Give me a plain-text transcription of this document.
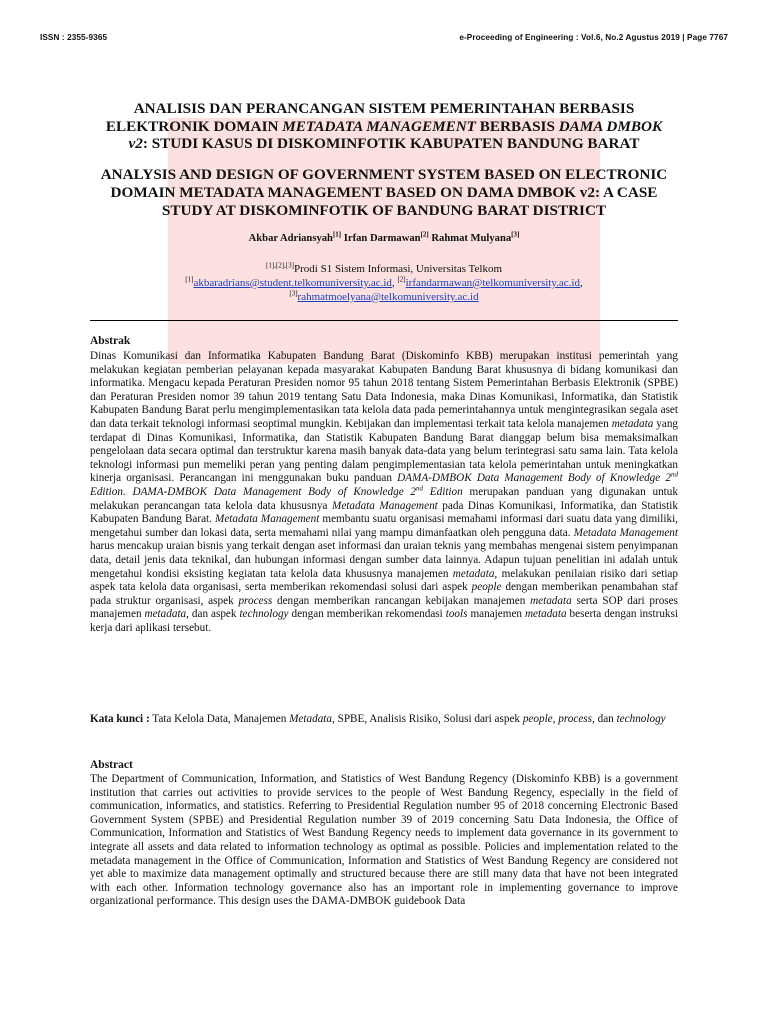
ISSN : 2355-9365	e-Proceeding of Engineering : Vol.6, No.2 Agustus 2019 | Page 7767
ANALISIS DAN PERANCANGAN SISTEM PEMERINTAHAN BERBASIS
ELEKTRONIK DOMAIN METADATA MANAGEMENT BERBASIS DAMA DMBOK
v2: STUDI KASUS DI DISKOMINFOTIK KABUPATEN BANDUNG BARAT
ANALYSIS AND DESIGN OF GOVERNMENT SYSTEM BASED ON ELECTRONIC
DOMAIN METADATA MANAGEMENT BASED ON DAMA DMBOK v2: A CASE
STUDY AT DISKOMINFOTIK OF BANDUNG BARAT DISTRICT
Akbar Adriansyah[1] Irfan Darmawan[2] Rahmat Mulyana[3]
[1],[2],[3]Prodi S1 Sistem Informasi, Universitas Telkom
[1]akbaradrians@student.telkomuniversity.ac.id, [2]irfandarmawan@telkomuniversity.ac.id,
[3]rahmatmoelyana@telkomuniversity.ac.id
Abstrak
Dinas Komunikasi dan Informatika Kabupaten Bandung Barat (Diskominfo KBB) merupakan institusi pemerintah yang melakukan kegiatan pemberian pelayanan kepada masyarakat Kabupaten Bandung Barat khususnya di bidang komunikasi dan informatika. Mengacu kepada Peraturan Presiden nomor 95 tahun 2018 tentang Sistem Pemerintahan Berbasis Elektronik (SPBE) dan Peraturan Presiden nomor 39 tahun 2019 tentang Satu Data Indonesia, maka Dinas Komunikasi, Informatika, dan Statistik Kabupaten Bandung Barat perlu mengimplementasikan tata kelola data pada pemerintahannya untuk mengintegrasikan segala aset dan data terkait teknologi informasi seoptimal mungkin. Kebijakan dan implementasi terkait tata kelola manajemen metadata yang terdapat di Dinas Komunikasi, Informatika, dan Statistik Kabupaten Bandung Barat dianggap belum bisa memaksimalkan pengelolaan data secara optimal dan terstruktur karena masih banyak data-data yang belum terintegrasi satu sama lain. Tata kelola teknologi informasi pun memeliki peran yang penting dalam pengimplementasian tata kelola pemerintahan untuk meningkatkan kinerja organisasi. Perancangan ini menggunakan buku panduan DAMA-DMBOK Data Management Body of Knowledge 2nd Edition. DAMA-DMBOK Data Management Body of Knowledge 2nd Edition merupakan panduan yang digunakan untuk melakukan perancangan tata kelola data khususnya Metadata Management pada Dinas Komunikasi, Informatika, dan Statistik Kabupaten Bandung Barat. Metadata Management membantu suatu organisasi memahami informasi dari suatu data yang dimiliki, mengetahui sumber dan lokasi data, serta memahami nilai yang mampu dimanfaatkan oleh pengguna data. Metadata Management harus mencakup uraian bisnis yang terkait dengan aset informasi dan uraian teknis yang membahas mengenai sistem penyimpanan data, detail jenis data teknikal, dan hubungan informasi dengan sumber data lainnya. Adapun tujuan penelitian ini adalah untuk mengetahui kondisi eksisting kegiatan tata kelola data khususnya manajemen metadata, melakukan penilaian risiko dari setiap aspek tata kelola data organisasi, serta memberikan rekomendasi solusi dari aspek people dengan memberikan penambahan staf pada struktur organisasi, aspek process dengan memberikan rancangan kebijakan manajemen metadata serta SOP dari proses manajemen metadata, dan aspek technology dengan memberikan rekomendasi tools manajemen metadata beserta dengan instruksi kerja dari aplikasi tersebut.
Kata kunci : Tata Kelola Data, Manajemen Metadata, SPBE, Analisis Risiko, Solusi dari aspek people, process, dan technology
Abstract
The Department of Communication, Information, and Statistics of West Bandung Regency (Diskominfo KBB) is a government institution that carries out activities to provide services to the people of West Bandung Regency, especially in the field of communication, informatics, and statistics. Referring to Presidential Regulation number 95 of 2018 concerning Electronic Based Government System (SPBE) and Presidential Regulation number 39 of 2019 concerning Satu Data Indonesia, the Office of Communication, Information and Statistics of West Bandung Regency needs to implement data governance in its government to integrate all assets and data related to information technology as optimal as possible. Policies and implementation related to the metadata management in the Office of Communication, Information and Statistics of West Bandung Regency are considered not yet able to maximize data management optimally and structured because there are still many data that have not been integrated with each other. Information technology governance also has an important role in implementing governance to improve organizational performance. This design uses the DAMA-DMBOK guidebook Data
